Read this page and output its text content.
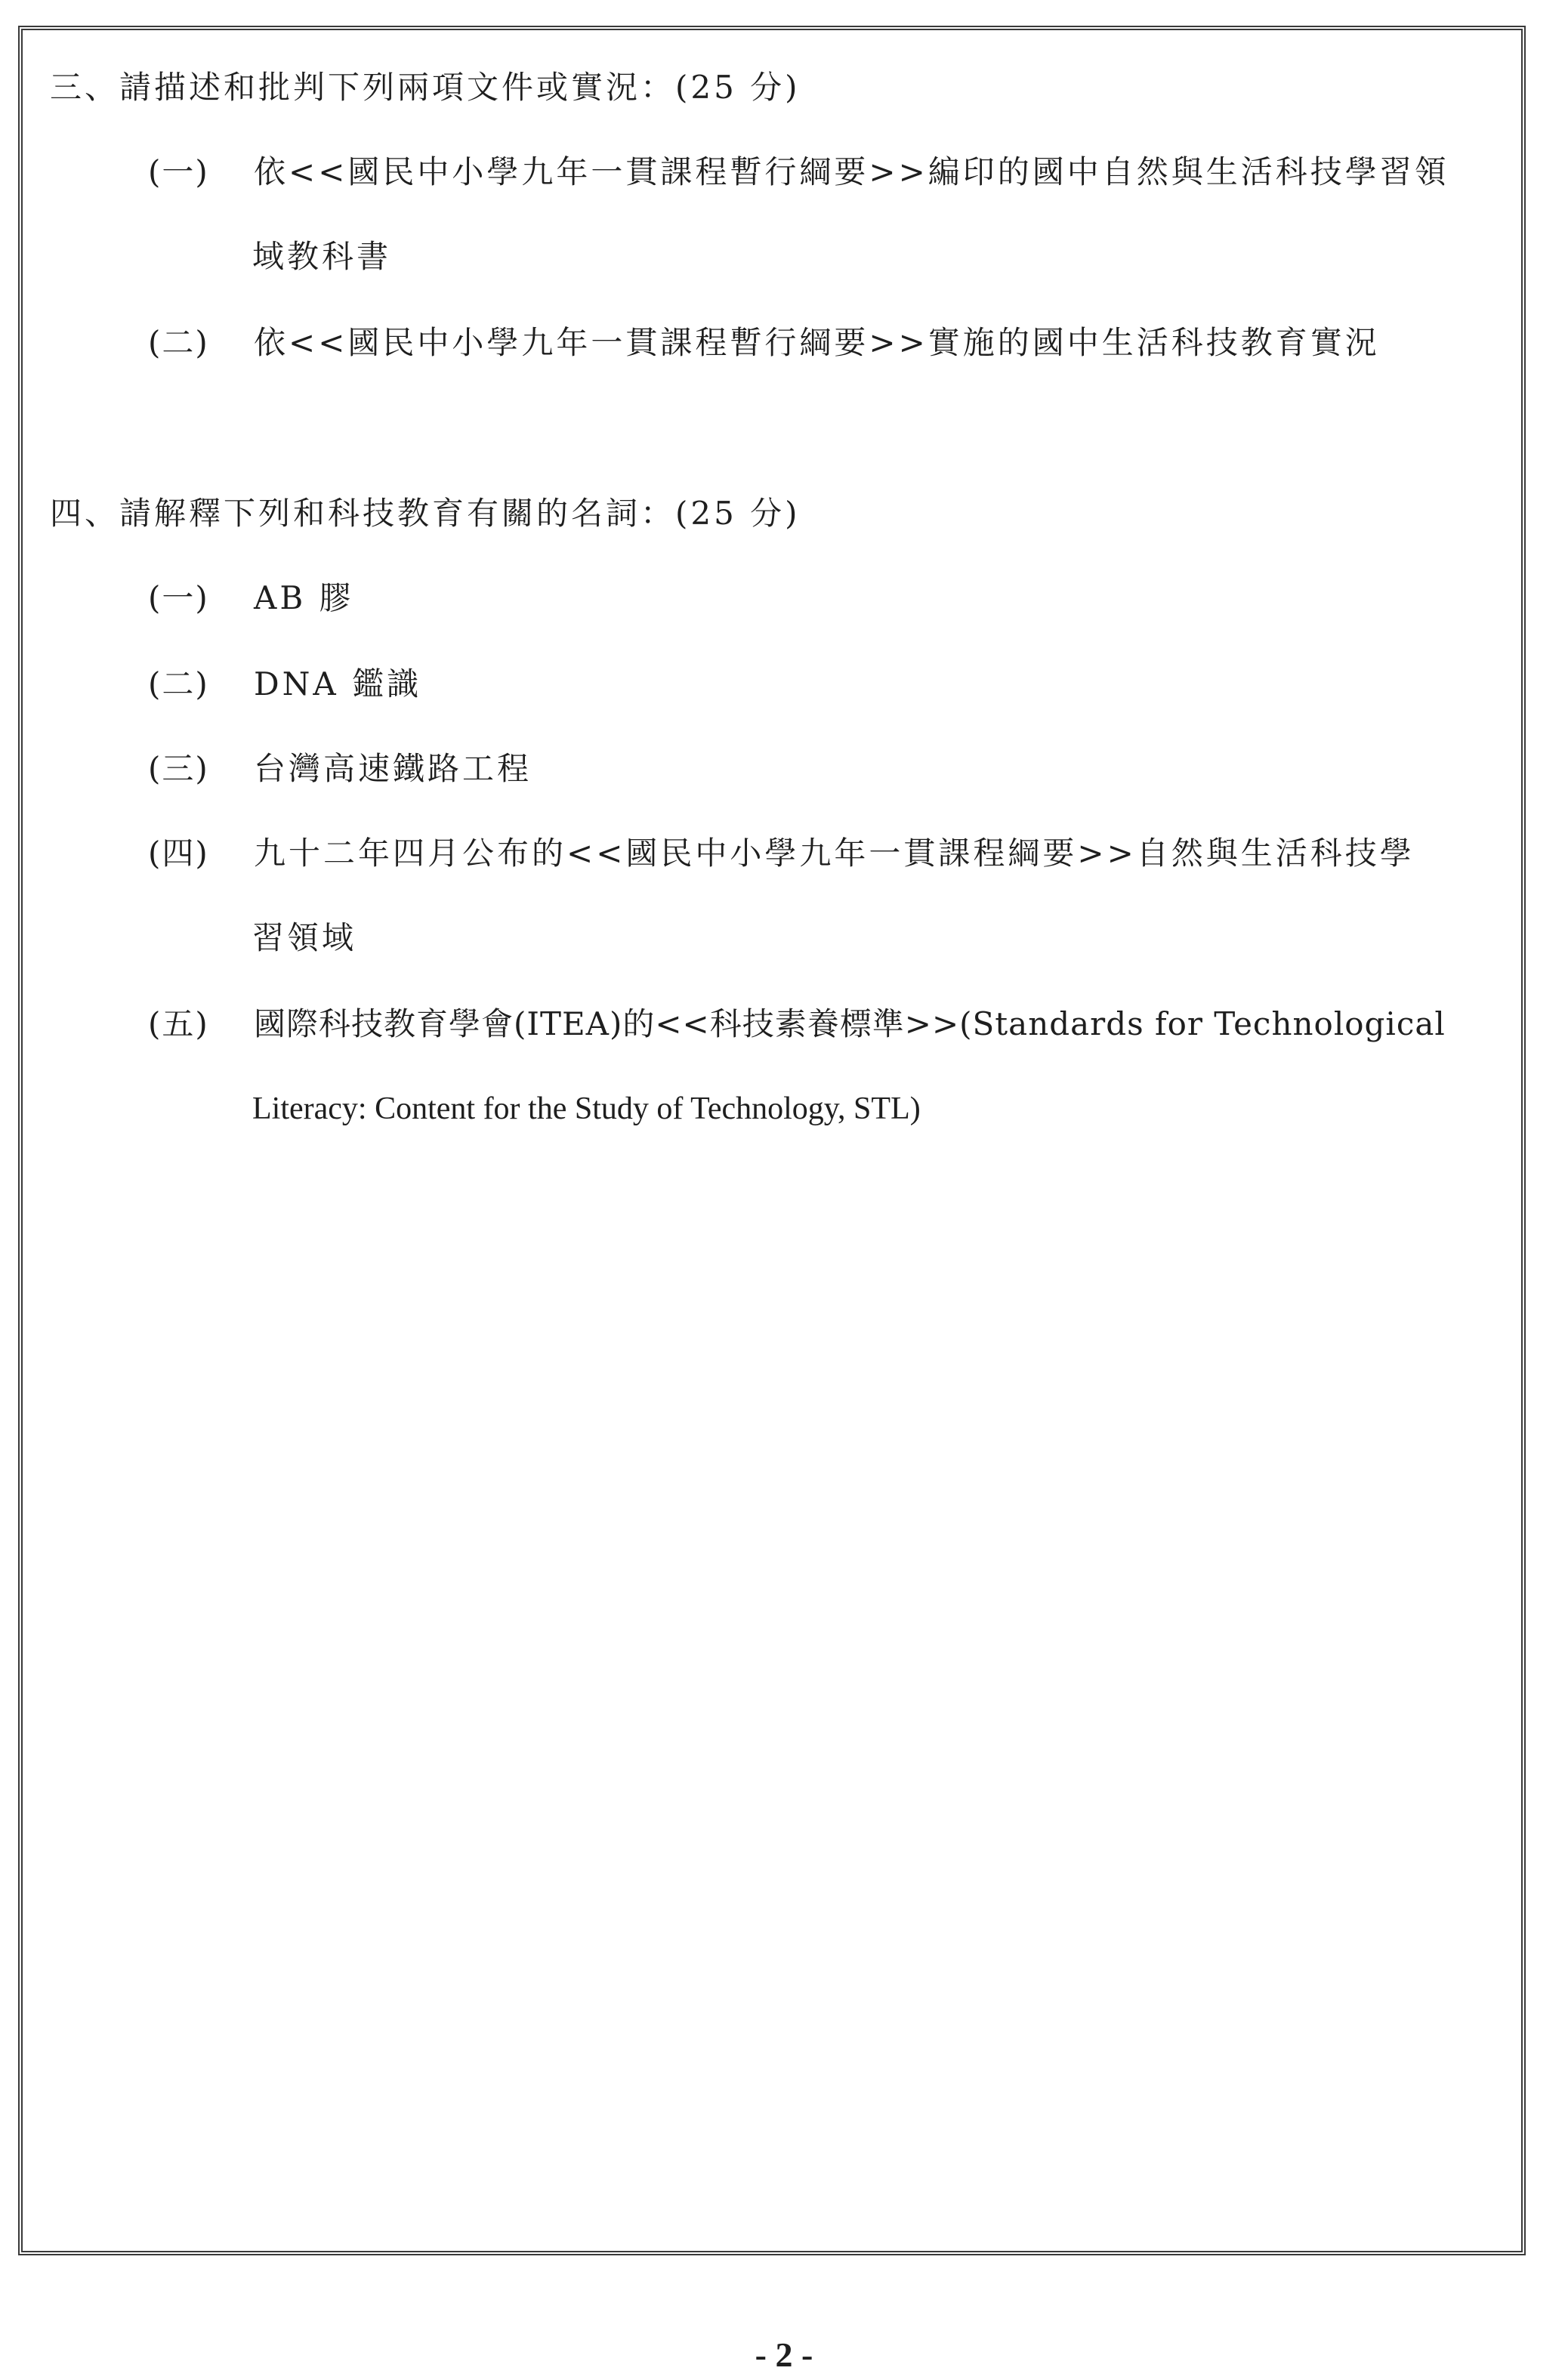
三、請描述和批判下列兩項文件或實況：(25 分)

(一) 依<<國民中小學九年一貫課程暫行綱要>>編印的國中自然與生活科技學習領

域教科書

(二) 依<<國民中小學九年一貫課程暫行綱要>>實施的國中生活科技教育實況

四、請解釋下列和科技教育有關的名詞：(25 分)

(一) AB 膠

(二) DNA 鑑識

(三) 台灣高速鐵路工程

(四) 九十二年四月公布的<<國民中小學九年一貫課程綱要>>自然與生活科技學

習領域

(五) 國際科技教育學會(ITEA)的<<科技素養標準>>(Standards for Technological

Literacy: Content for the Study of Technology, STL)

- 2 -
